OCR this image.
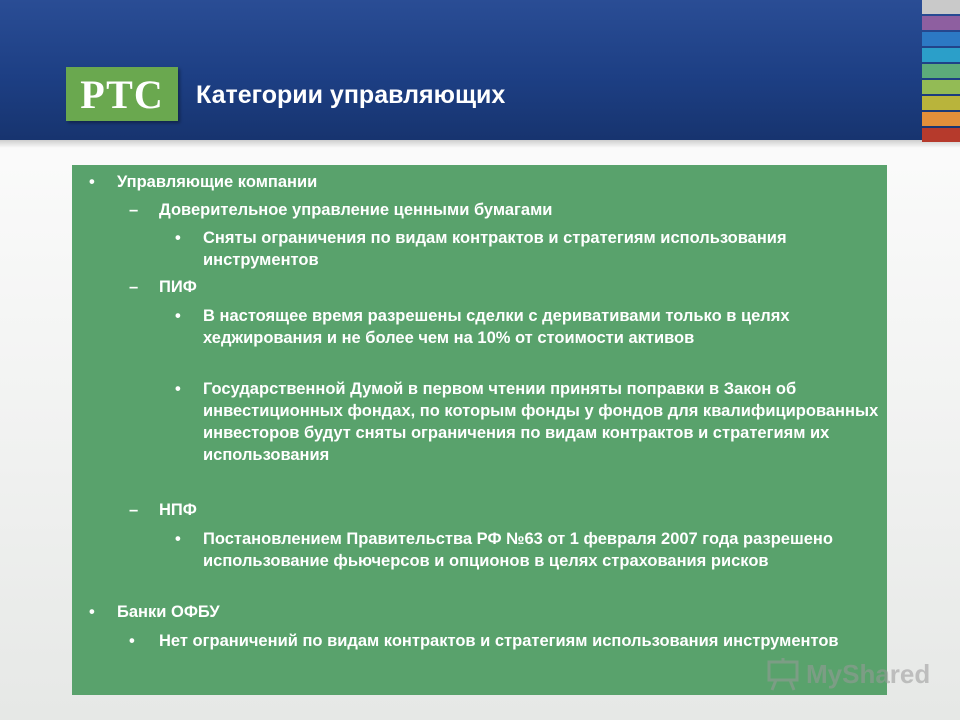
РТС	Категории управляющих
•	Управляющие компании
–	Доверительное управление ценными бумагами
•	Сняты ограничения по видам контрактов и стратегиям использования инструментов
–	ПИФ
•	В настоящее время разрешены сделки с деривативами только в целях хеджирования и не более чем на 10% от стоимости активов
•	Государственной Думой в первом чтении приняты поправки в Закон об инвестиционных фондах, по которым фонды у фондов для квалифицированных инвесторов будут сняты ограничения по видам контрактов и стратегиям их использования
–	НПФ
•	Постановлением Правительства РФ №63 от 1 февраля 2007 года разрешено использование фьючерсов и опционов в целях страхования рисков
•	Банки ОФБУ
•	Нет ограничений по видам контрактов и стратегиям использования инструментов
MyShared
